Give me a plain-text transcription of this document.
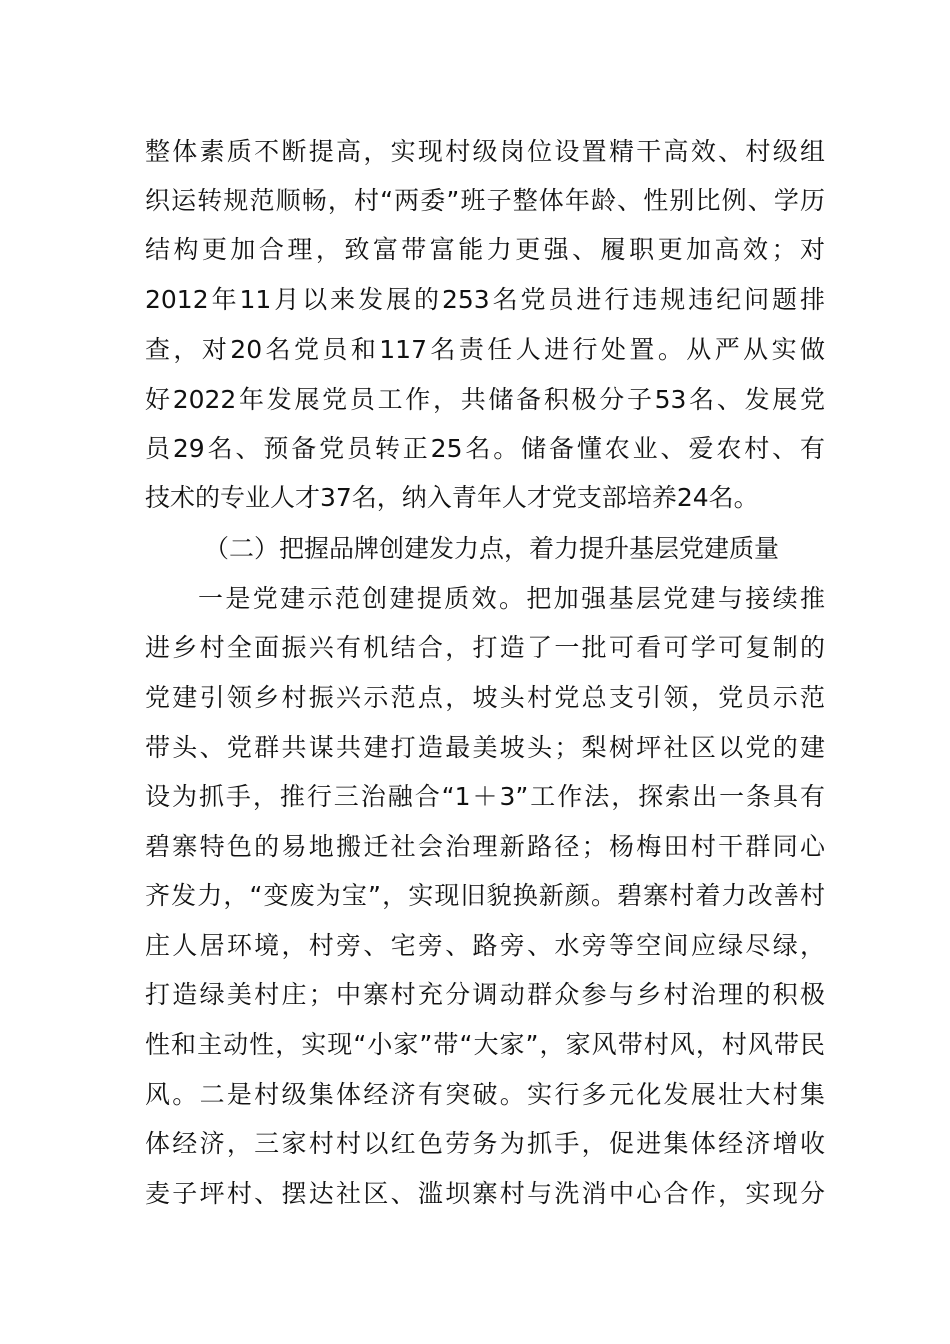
整体素质不断提高，实现村级岗位设置精干高效、村级组
织运转规范顺畅，村“两委”班子整体年龄、性别比例、学历
结构更加合理，致富带富能力更强、履职更加高效；对
2012年11月以来发展的253名党员进行违规违纪问题排
查，对20名党员和117名责任人进行处置。从严从实做
好2022年发展党员工作，共储备积极分子53名、发展党
员29名、预备党员转正25名。储备懂农业、爱农村、有
技术的专业人才37名，纳入青年人才党支部培养24名。
（二）把握品牌创建发力点，着力提升基层党建质量
一是党建示范创建提质效。把加强基层党建与接续推
进乡村全面振兴有机结合，打造了一批可看可学可复制的
党建引领乡村振兴示范点，坡头村党总支引领，党员示范
带头、党群共谋共建打造最美坡头；梨树坪社区以党的建
设为抓手，推行三治融合“1＋3”工作法，探索出一条具有
碧寨特色的易地搬迁社会治理新路径；杨梅田村干群同心
齐发力，“变废为宝”，实现旧貌换新颜。碧寨村着力改善村
庄人居环境，村旁、宅旁、路旁、水旁等空间应绿尽绿，
打造绿美村庄；中寨村充分调动群众参与乡村治理的积极
性和主动性，实现“小家”带“大家”，家风带村风，村风带民
风。二是村级集体经济有突破。实行多元化发展壮大村集
体经济，三家村村以红色劳务为抓手，促进集体经济增收
麦子坪村、摆达社区、滥坝寨村与洗消中心合作，实现分
